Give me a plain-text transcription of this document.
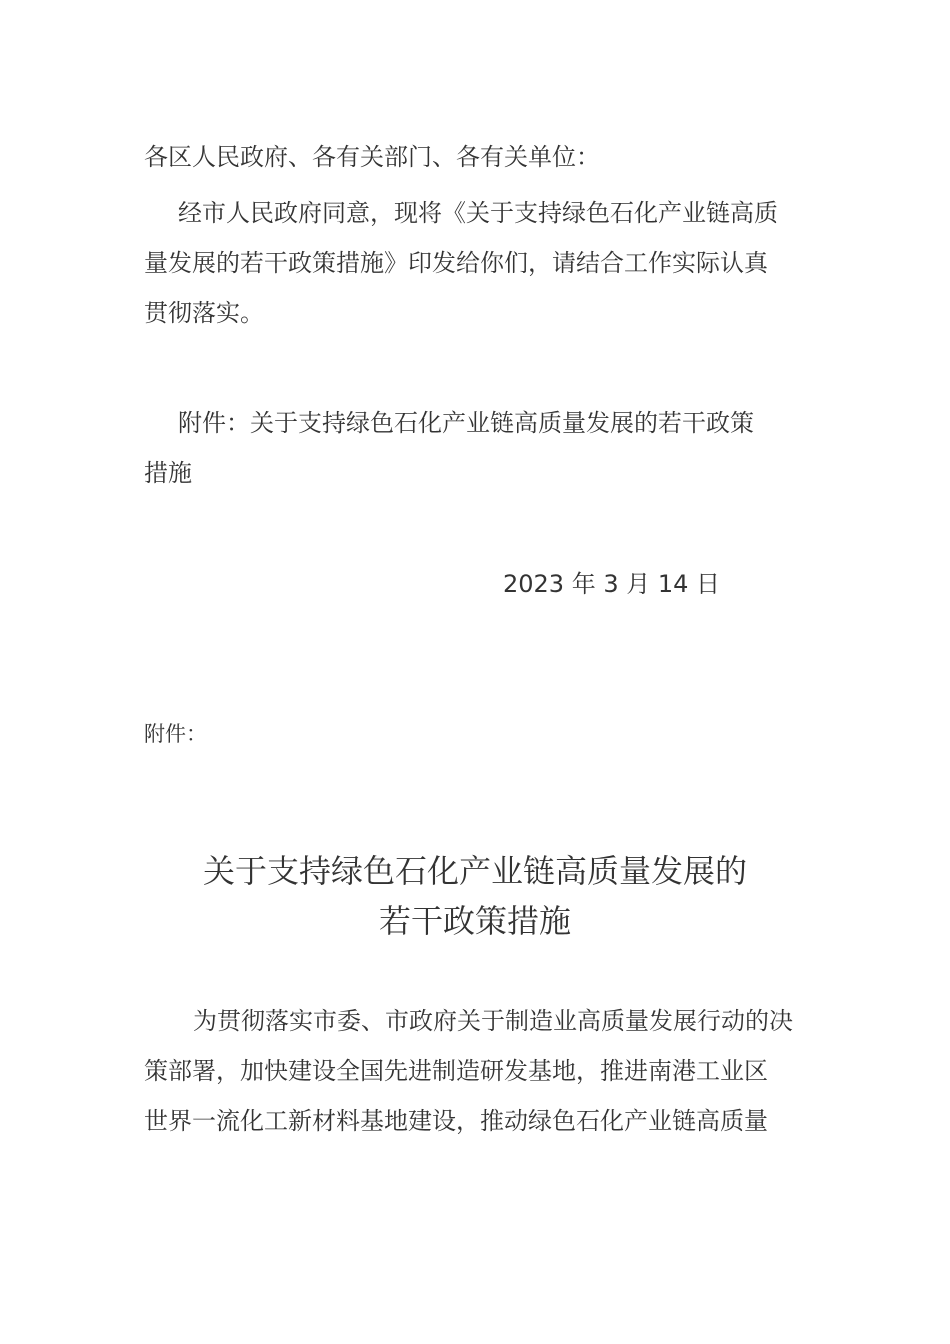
各区人民政府、各有关部门、各有关单位：
经市人民政府同意，现将《关于支持绿色石化产业链高质
量发展的若干政策措施》印发给你们，请结合工作实际认真
贯彻落实。
附件：关于支持绿色石化产业链高质量发展的若干政策
措施
2023 年 3 月 14 日
附件：
关于支持绿色石化产业链高质量发展的
若干政策措施
为贯彻落实市委、市政府关于制造业高质量发展行动的决
策部署，加快建设全国先进制造研发基地，推进南港工业区
世界一流化工新材料基地建设，推动绿色石化产业链高质量
